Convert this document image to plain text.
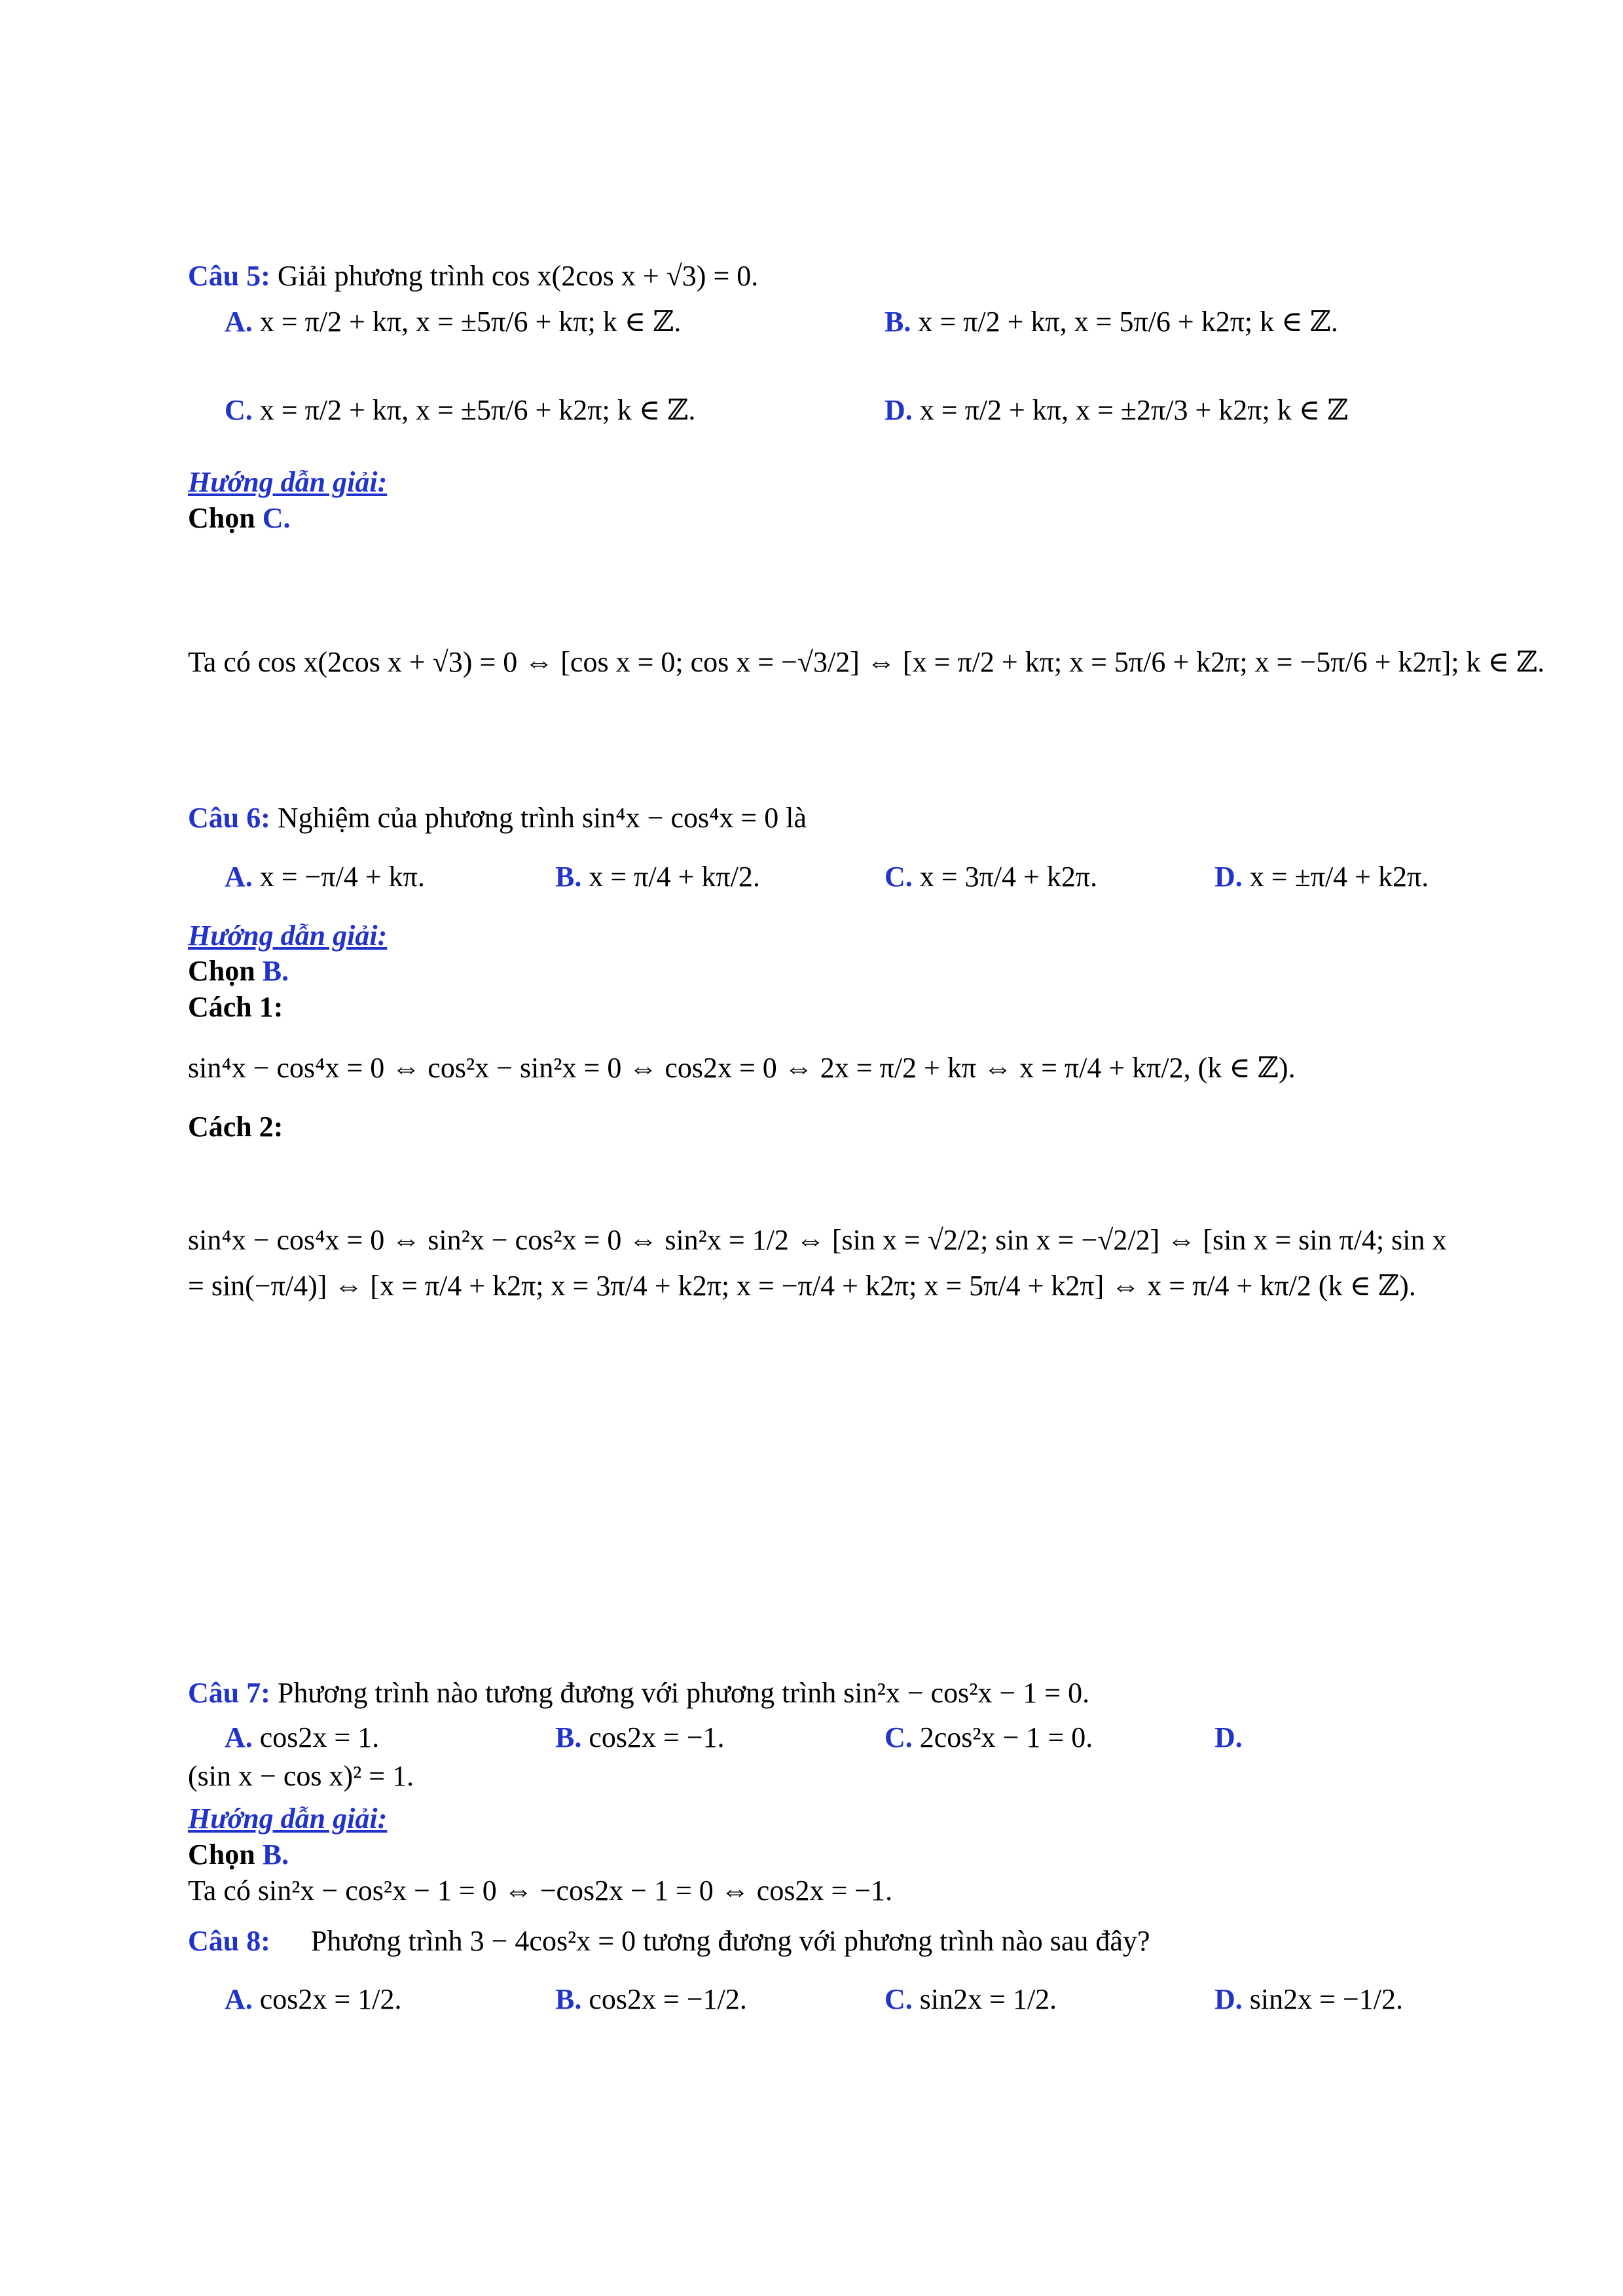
Câu 5: Giải phương trình cos x(2cos x + √3) = 0.
A. x = π/2 + kπ, x = ±5π/6 + kπ; k ∈ ℤ.	B. x = π/2 + kπ, x = 5π/6 + k2π; k ∈ ℤ.
C. x = π/2 + kπ, x = ±5π/6 + k2π; k ∈ ℤ.	D. x = π/2 + kπ, x = ±2π/3 + k2π; k ∈ ℤ
Hướng dẫn giải:
Chọn C.
Ta có cos x(2cos x + √3) = 0 ⇔ [cos x = 0; cos x = −√3/2] ⇔ [x = π/2 + kπ; x = 5π/6 + k2π; x = −5π/6 + k2π]; k ∈ ℤ.
Câu 6: Nghiệm của phương trình sin⁴x − cos⁴x = 0 là
A. x = −π/4 + kπ.	B. x = π/4 + kπ/2.	C. x = 3π/4 + k2π.	D. x = ±π/4 + k2π.
Hướng dẫn giải:
Chọn B.
Cách 1:
sin⁴x − cos⁴x = 0 ⇔ cos²x − sin²x = 0 ⇔ cos2x = 0 ⇔ 2x = π/2 + kπ ⇔ x = π/4 + kπ/2, (k ∈ ℤ).
Cách 2:
sin⁴x − cos⁴x = 0 ⇔ sin²x − cos²x = 0 ⇔ sin²x = 1/2 ⇔ [sin x = √2/2; sin x = −√2/2] ⇔ [sin x = sin π/4; sin x = sin(−π/4)] ⇔ [x = π/4 + k2π; x = 3π/4 + k2π; x = −π/4 + k2π; x = 5π/4 + k2π] ⇔ x = π/4 + kπ/2 (k ∈ ℤ).
Câu 7: Phương trình nào tương đương với phương trình sin²x − cos²x − 1 = 0.
A. cos2x = 1.	B. cos2x = −1.	C. 2cos²x − 1 = 0.	D.
(sin x − cos x)² = 1.
Hướng dẫn giải:
Chọn B.
Ta có sin²x − cos²x − 1 = 0 ⇔ −cos2x − 1 = 0 ⇔ cos2x = −1.
Câu 8: Phương trình 3 − 4cos²x = 0 tương đương với phương trình nào sau đây?
A. cos2x = 1/2.	B. cos2x = −1/2.	C. sin2x = 1/2.	D. sin2x = −1/2.
